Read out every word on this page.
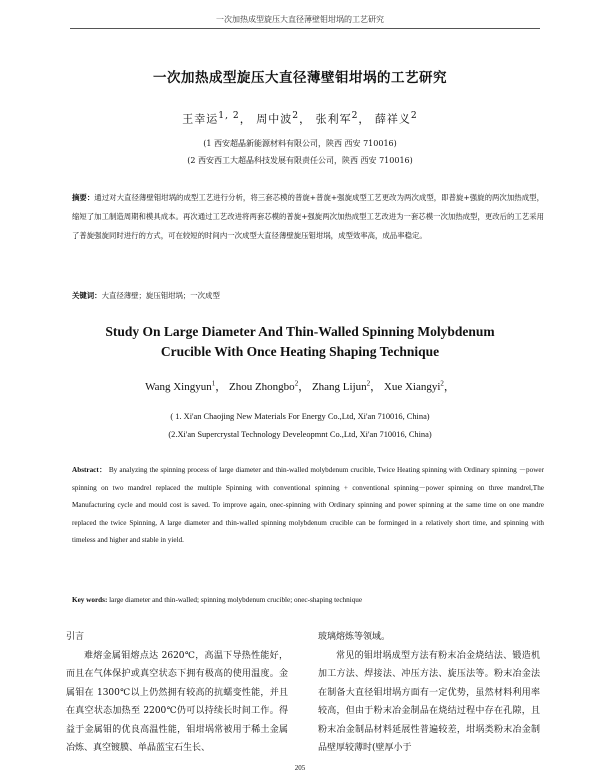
一次加热成型旋压大直径薄壁钼坩埚的工艺研究
一次加热成型旋压大直径薄壁钼坩埚的工艺研究
王幸运$^{1, 2}$， 周中波$^2$， 张利军$^2$， 薛祥义$^2$
(1 西安超晶新能源材料有限公司，陕西 西安 710016)
(2 西安西工大超晶科技发展有限责任公司，陕西 西安 710016)

摘要：通过对大直径薄壁钼坩埚的成型工艺进行分析，将三套芯模的普旋+普旋+强旋成型工艺更改为两次成型，即普旋+强旋的两次加热成型，缩短了加工制造周期和模具成本。再次通过工艺改进将两套芯模的普旋+强旋两次加热成型工艺改进为一套芯模一次加热成型，更改后的工艺采用了普旋强旋同时进行的方式，可在较短的时间内一次成型大直径薄壁旋压钼坩埚，成型效率高，成品率稳定。

关键词：大直径薄壁；旋压钼坩埚；一次成型

Study On Large Diameter And Thin-Walled Spinning Molybdenum
Crucible With Once Heating Shaping Technique
Wang Xingyun$^1$， Zhou Zhongbo$^2$， Zhang Lijun$^2$， Xue Xiangyi$^2$，
( 1. Xi'an Chaojing New Materials For Energy Co.,Ltd, Xi'an 710016, China)
(2.Xi'an Supercrystal Technology Develeopmnt Co.,Ltd, Xi'an 710016, China)

Abstract： By analyzing the spinning process of large diameter and thin-walled molybdenum crucible, Twice Heating spinning with Ordinary spinning －power spinning on two mandrel replaced the multiple Spinning with conventional spinning + conventional spinning－power spinning on three mandrel,The Manufacturing cycle and mould cost is saved. To improve again, onec-spinning with Ordinary spinning and power spinning at the same time on one mandre replaced the twice Spinning, A large diameter and thin-walled spinning molybdenum crucible can be forminged in a relatively short time, and spinning with timeless and higher and stable in yield.

Key words: large diameter and thin-walled; spinning molybdenum crucible; onec-shaping technique

引言

难熔金属钼熔点达 2620℃，高温下导热性能好，而且在气体保护或真空状态下拥有极高的使用温度。金属钼在 1300℃以上仍然拥有较高的抗蠕变性能，并且在真空状态加热至 2200℃仍可以持续长时间工作。得益于金属钼的优良高温性能，钼坩埚常被用于稀土金属冶炼、真空镀膜、单晶蓝宝石生长、

玻璃熔炼等领域。

常见的钼坩埚成型方法有粉末冶金烧结法、锻造机加工方法、焊接法、冲压方法、旋压法等。粉末冶金法在制备大直径钼坩埚方面有一定优势，虽然材料利用率较高，但由于粉末冶金制品在烧结过程中存在孔隙，且粉末冶金制品材料延展性普遍较差，坩埚类粉末冶金制品壁厚较薄时(壁厚小于

205
